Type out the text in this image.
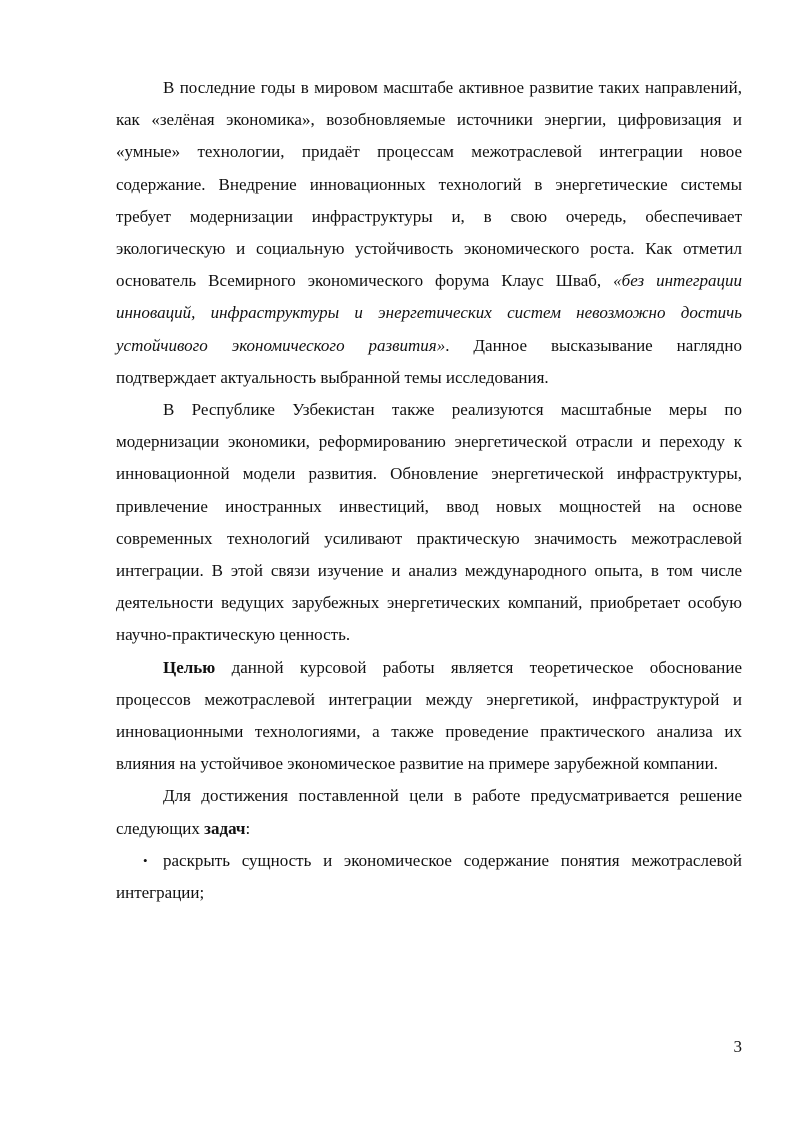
В последние годы в мировом масштабе активное развитие таких направлений, как «зелёная экономика», возобновляемые источники энергии, цифровизация и «умные» технологии, придаёт процессам межотраслевой интеграции новое содержание. Внедрение инновационных технологий в энергетические системы требует модернизации инфраструктуры и, в свою очередь, обеспечивает экологическую и социальную устойчивость экономического роста. Как отметил основатель Всемирного экономического форума Клаус Шваб, «без интеграции инноваций, инфраструктуры и энергетических систем невозможно достичь устойчивого экономического развития». Данное высказывание наглядно подтверждает актуальность выбранной темы исследования.

В Республике Узбекистан также реализуются масштабные меры по модернизации экономики, реформированию энергетической отрасли и переходу к инновационной модели развития. Обновление энергетической инфраструктуры, привлечение иностранных инвестиций, ввод новых мощностей на основе современных технологий усиливают практическую значимость межотраслевой интеграции. В этой связи изучение и анализ международного опыта, в том числе деятельности ведущих зарубежных энергетических компаний, приобретает особую научно-практическую ценность.

Целью данной курсовой работы является теоретическое обоснование процессов межотраслевой интеграции между энергетикой, инфраструктурой и инновационными технологиями, а также проведение практического анализа их влияния на устойчивое экономическое развитие на примере зарубежной компании.

Для достижения поставленной цели в работе предусматривается решение следующих задач:

• раскрыть сущность и экономическое содержание понятия межотраслевой интеграции;
3
